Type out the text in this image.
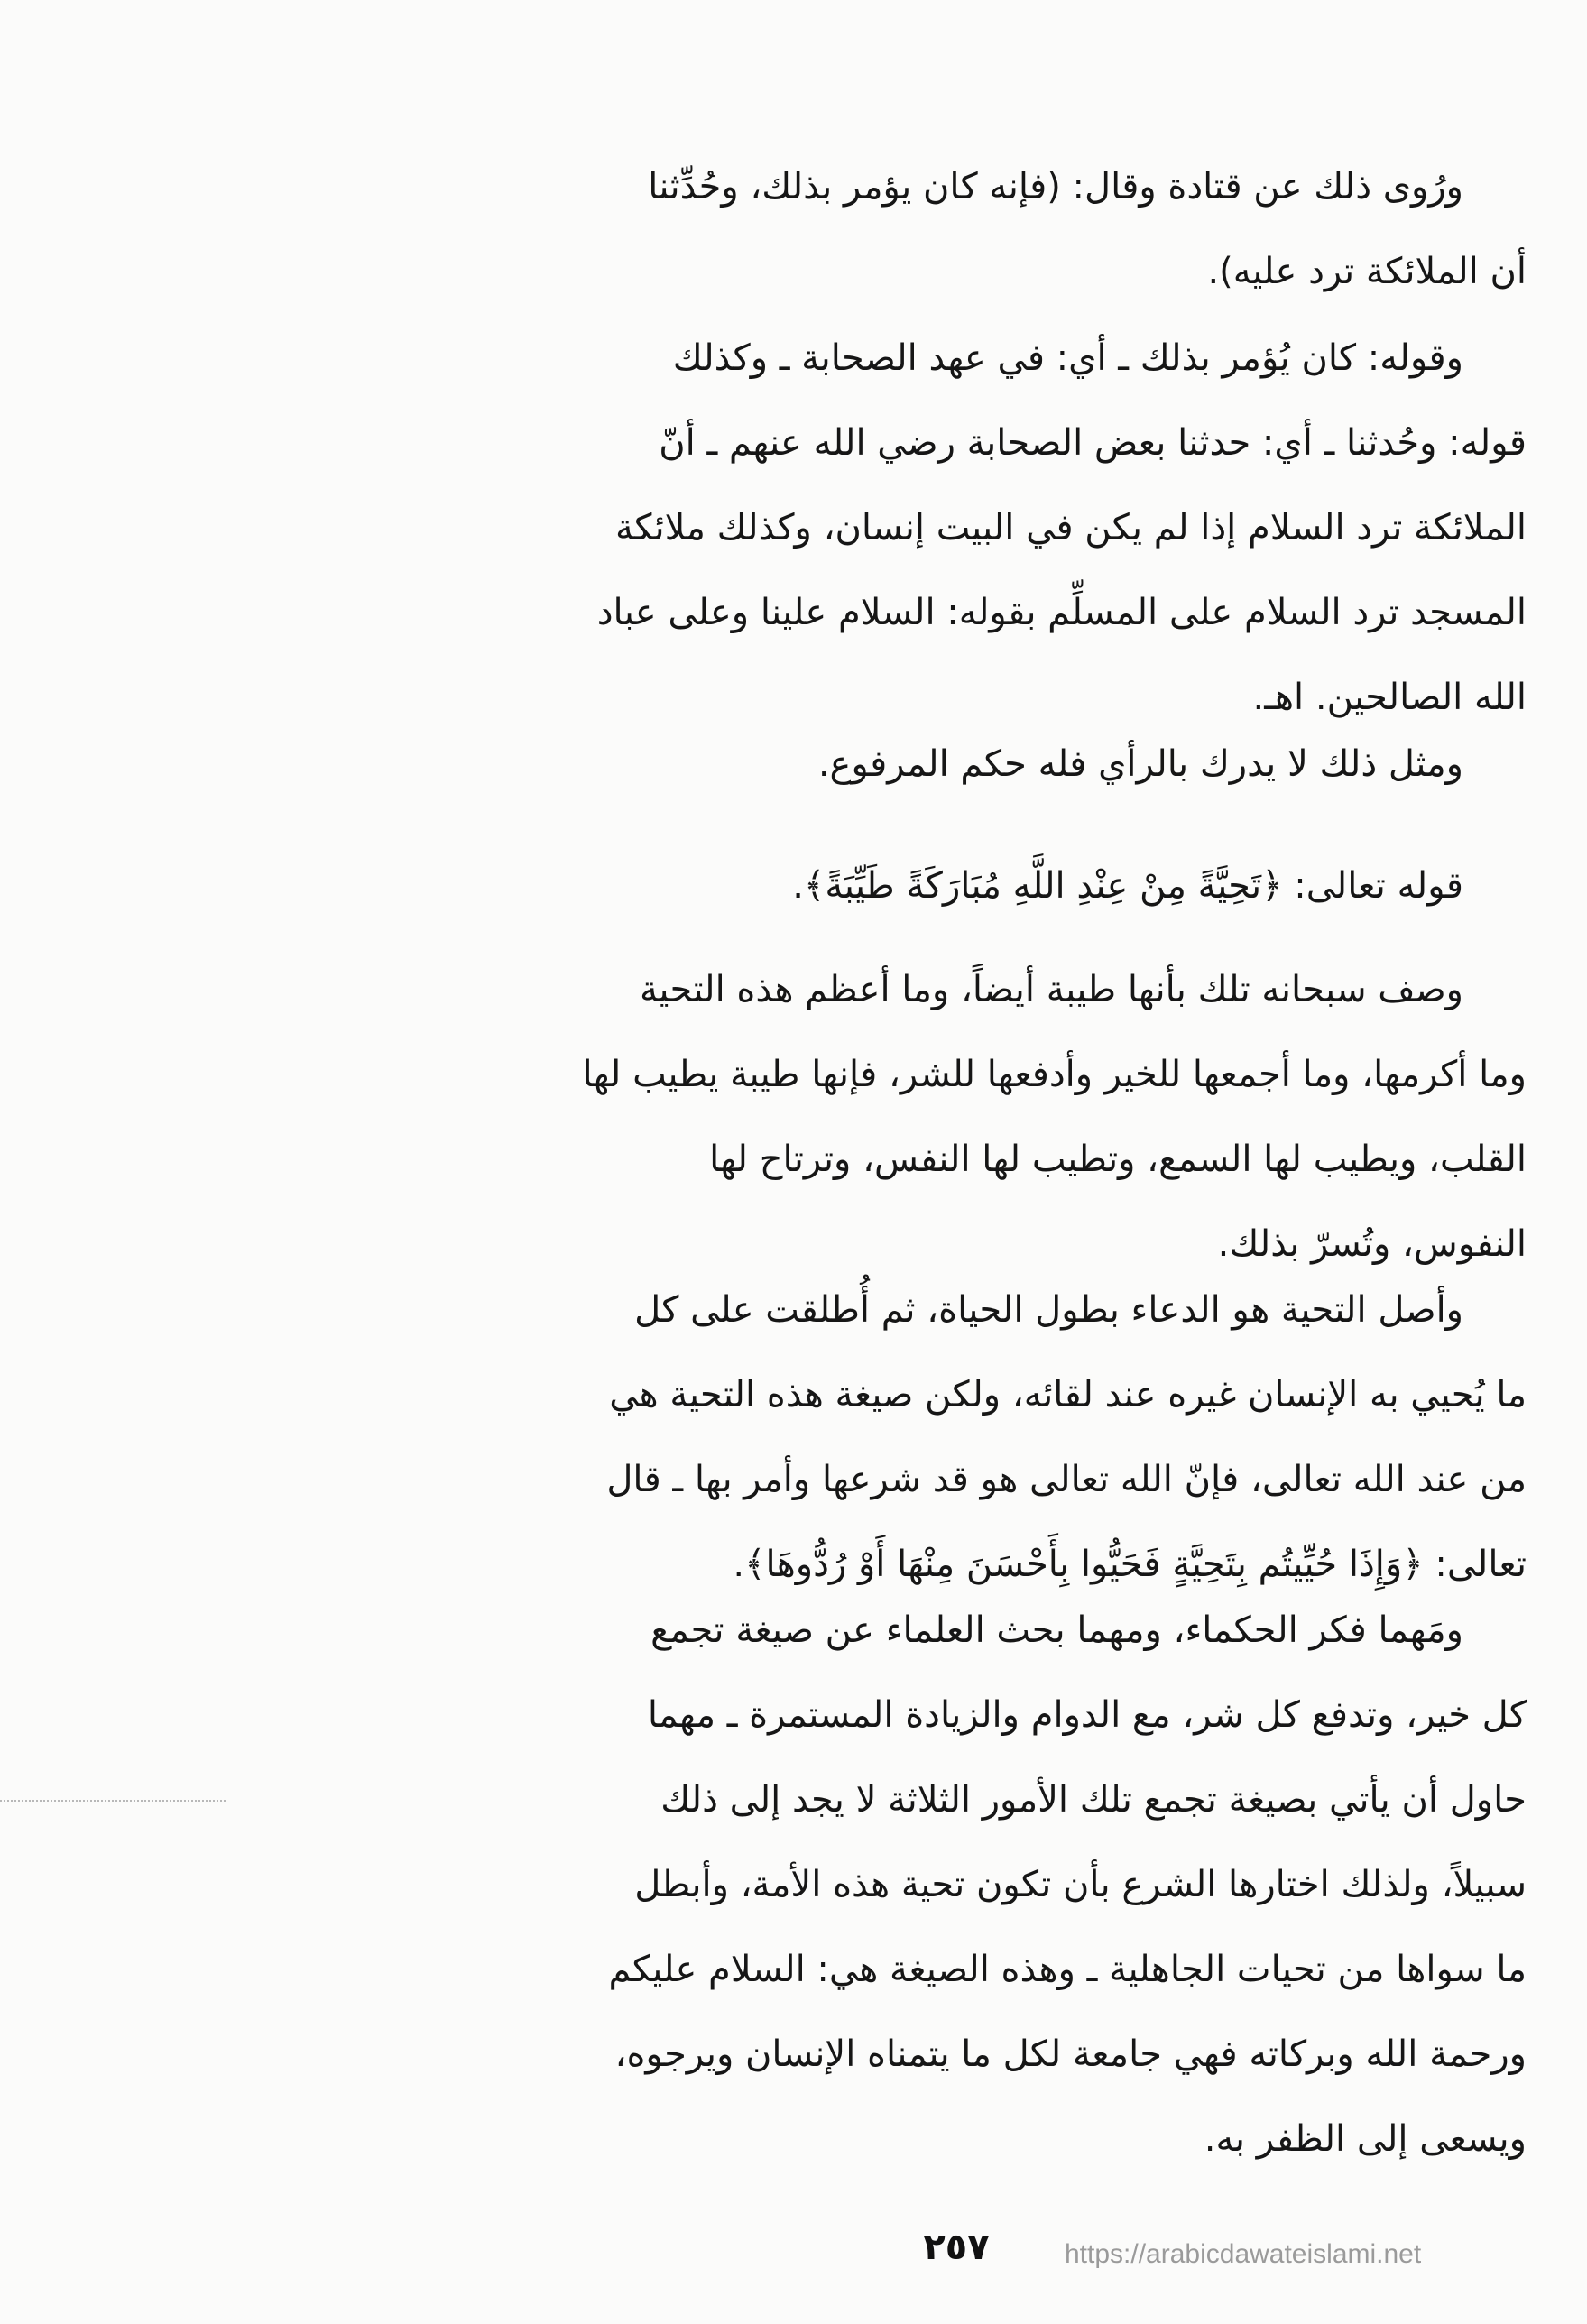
ورُوى ذلك عن قتادة وقال: (فإنه كان يؤمر بذلك، وحُدِّثنا
أن الملائكة ترد عليه).
وقوله: كان يُؤمر بذلك ـ أي: في عهد الصحابة ـ وكذلك
قوله: وحُدثنا ـ أي: حدثنا بعض الصحابة رضي الله عنهم ـ أنّ
الملائكة ترد السلام إذا لم يكن في البيت إنسان، وكذلك ملائكة
المسجد ترد السلام على المسلِّم بقوله: السلام علينا وعلى عباد
الله الصالحين. اهـ.
ومثل ذلك لا يدرك بالرأي فله حكم المرفوع.
قوله تعالى: ﴿تَحِيَّةً مِنْ عِنْدِ اللَّهِ مُبَارَكَةً طَيِّبَةً﴾.
وصف سبحانه تلك بأنها طيبة أيضاً، وما أعظم هذه التحية
وما أكرمها، وما أجمعها للخير وأدفعها للشر، فإنها طيبة يطيب لها
القلب، ويطيب لها السمع، وتطيب لها النفس، وترتاح لها
النفوس، وتُسرّ بذلك.
وأصل التحية هو الدعاء بطول الحياة، ثم أُطلقت على كل
ما يُحيي به الإنسان غيره عند لقائه، ولكن صيغة هذه التحية هي
من عند الله تعالى، فإنّ الله تعالى هو قد شرعها وأمر بها ـ قال
تعالى: ﴿وَإِذَا حُيِّيتُم بِتَحِيَّةٍ فَحَيُّوا بِأَحْسَنَ مِنْهَا أَوْ رُدُّوهَا﴾.
ومَهما فكر الحكماء، ومهما بحث العلماء عن صيغة تجمع
كل خير، وتدفع كل شر، مع الدوام والزيادة المستمرة ـ مهما
حاول أن يأتي بصيغة تجمع تلك الأمور الثلاثة لا يجد إلى ذلك
سبيلاً، ولذلك اختارها الشرع بأن تكون تحية هذه الأمة، وأبطل
ما سواها من تحيات الجاهلية ـ وهذه الصيغة هي: السلام عليكم
ورحمة الله وبركاته فهي جامعة لكل ما يتمناه الإنسان ويرجوه،
ويسعى إلى الظفر به.
٢٥٧	https://arabicdawateislami.net
